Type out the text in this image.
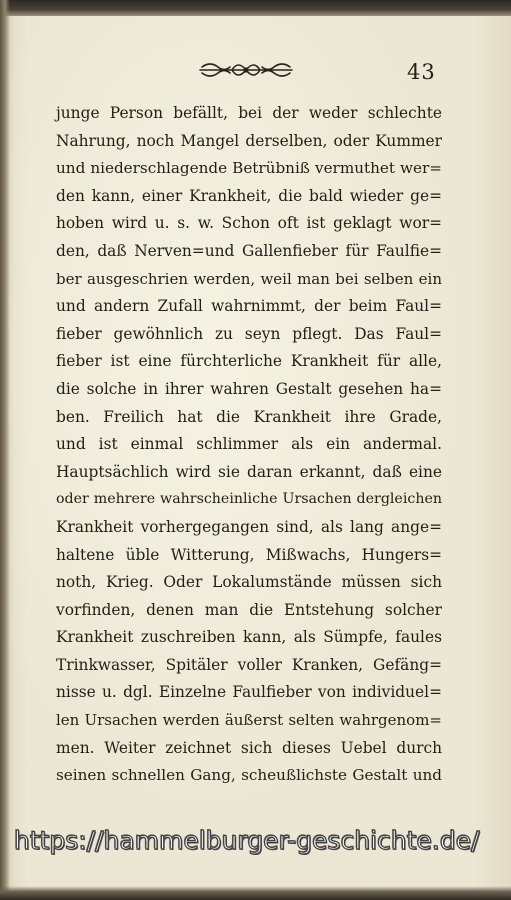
43
junge Person befällt, bei der weder schlechte
Nahrung, noch Mangel derselben, oder Kummer
und niederschlagende Betrübniß vermuthet wer=
den kann, einer Krankheit, die bald wieder ge=
hoben wird u. s. w. Schon oft ist geklagt wor=
den, daß Nerven=und Gallenfieber für Faulfie=
ber ausgeschrien werden, weil man bei selben ein
und andern Zufall wahrnimmt, der beim Faul=
fieber gewöhnlich zu seyn pflegt. Das Faul=
fieber ist eine fürchterliche Krankheit für alle,
die solche in ihrer wahren Gestalt gesehen ha=
ben. Freilich hat die Krankheit ihre Grade,
und ist einmal schlimmer als ein andermal.
Hauptsächlich wird sie daran erkannt, daß eine
oder mehrere wahrscheinliche Ursachen dergleichen
Krankheit vorhergegangen sind, als lang ange=
haltene üble Witterung, Mißwachs, Hungers=
noth, Krieg. Oder Lokalumstände müssen sich
vorfinden, denen man die Entstehung solcher
Krankheit zuschreiben kann, als Sümpfe, faules
Trinkwasser, Spitäler voller Kranken, Gefäng=
nisse u. dgl. Einzelne Faulfieber von individuel=
len Ursachen werden äußerst selten wahrgenom=
men. Weiter zeichnet sich dieses Uebel durch
seinen schnellen Gang, scheußlichste Gestalt und
https://hammelburger-geschichte.de/
